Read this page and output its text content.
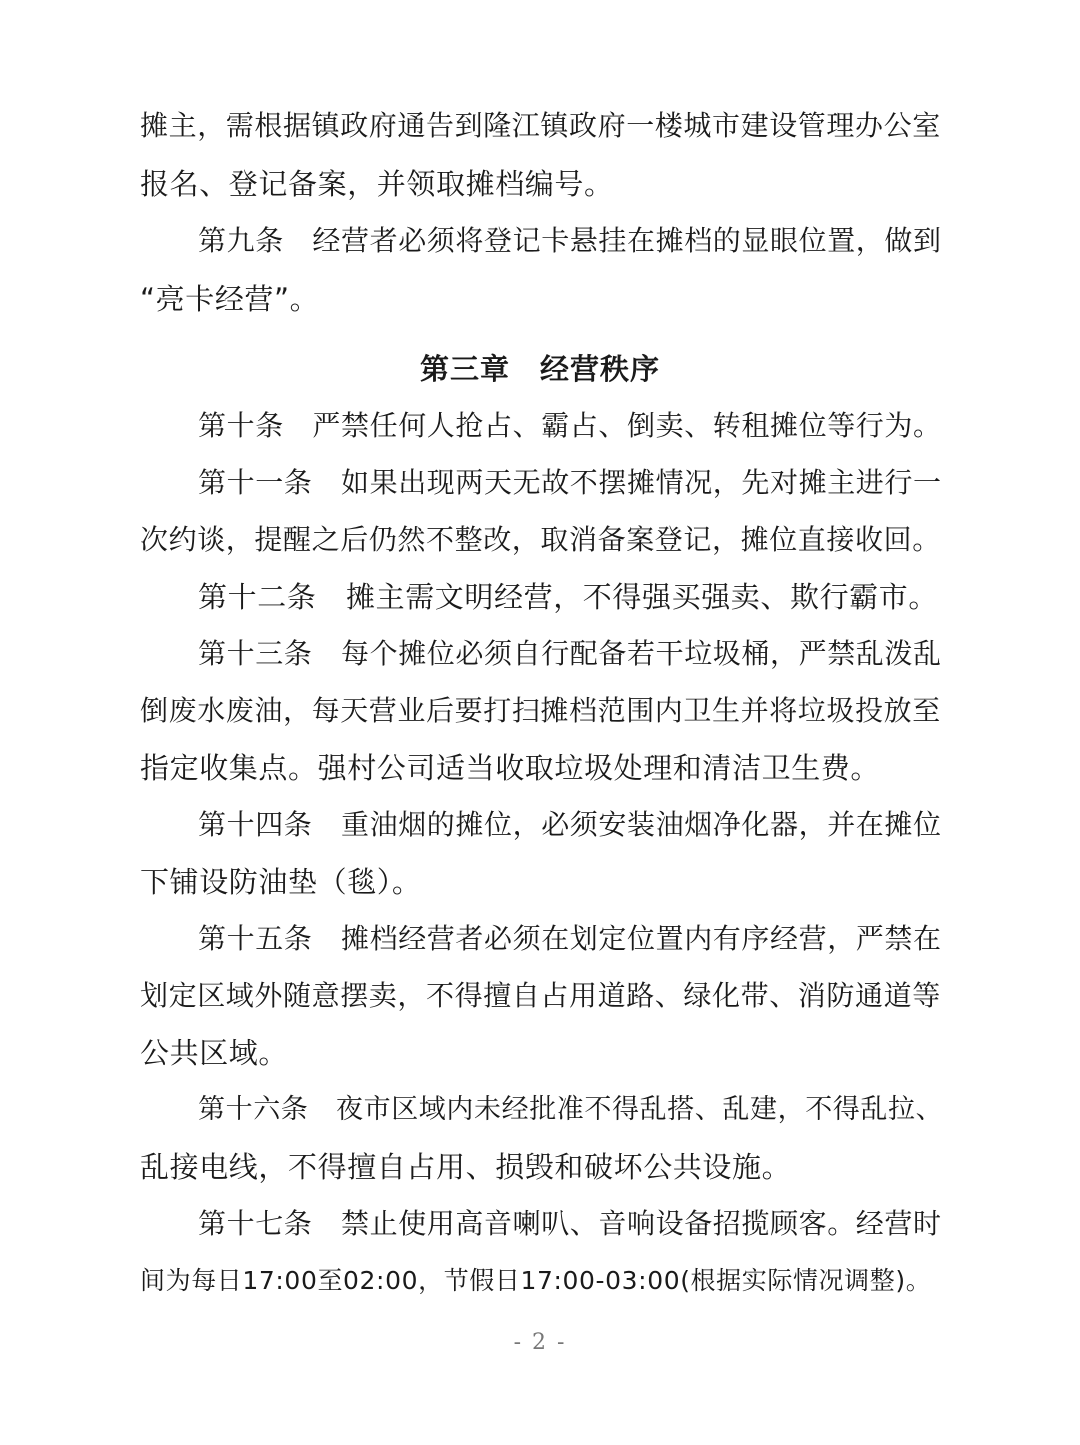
摊主，需根据镇政府通告到隆江镇政府一楼城市建设管理办公室
报名、登记备案，并领取摊档编号。
第九条　经营者必须将登记卡悬挂在摊档的显眼位置，做到
“亮卡经营”。
第三章　经营秩序
第十条　严禁任何人抢占、霸占、倒卖、转租摊位等行为。
第十一条　如果出现两天无故不摆摊情况，先对摊主进行一
次约谈，提醒之后仍然不整改，取消备案登记，摊位直接收回。
第十二条　摊主需文明经营，不得强买强卖、欺行霸市。
第十三条　每个摊位必须自行配备若干垃圾桶，严禁乱泼乱
倒废水废油，每天营业后要打扫摊档范围内卫生并将垃圾投放至
指定收集点。强村公司适当收取垃圾处理和清洁卫生费。
第十四条　重油烟的摊位，必须安装油烟净化器，并在摊位
下铺设防油垫（毯）。
第十五条　摊档经营者必须在划定位置内有序经营，严禁在
划定区域外随意摆卖，不得擅自占用道路、绿化带、消防通道等
公共区域。
第十六条　夜市区域内未经批准不得乱搭、乱建，不得乱拉、
乱接电线，不得擅自占用、损毁和破坏公共设施。
第十七条　禁止使用高音喇叭、音响设备招揽顾客。经营时
间为每日17:00至02:00，节假日17:00-03:00(根据实际情况调整)。
- 2 -
